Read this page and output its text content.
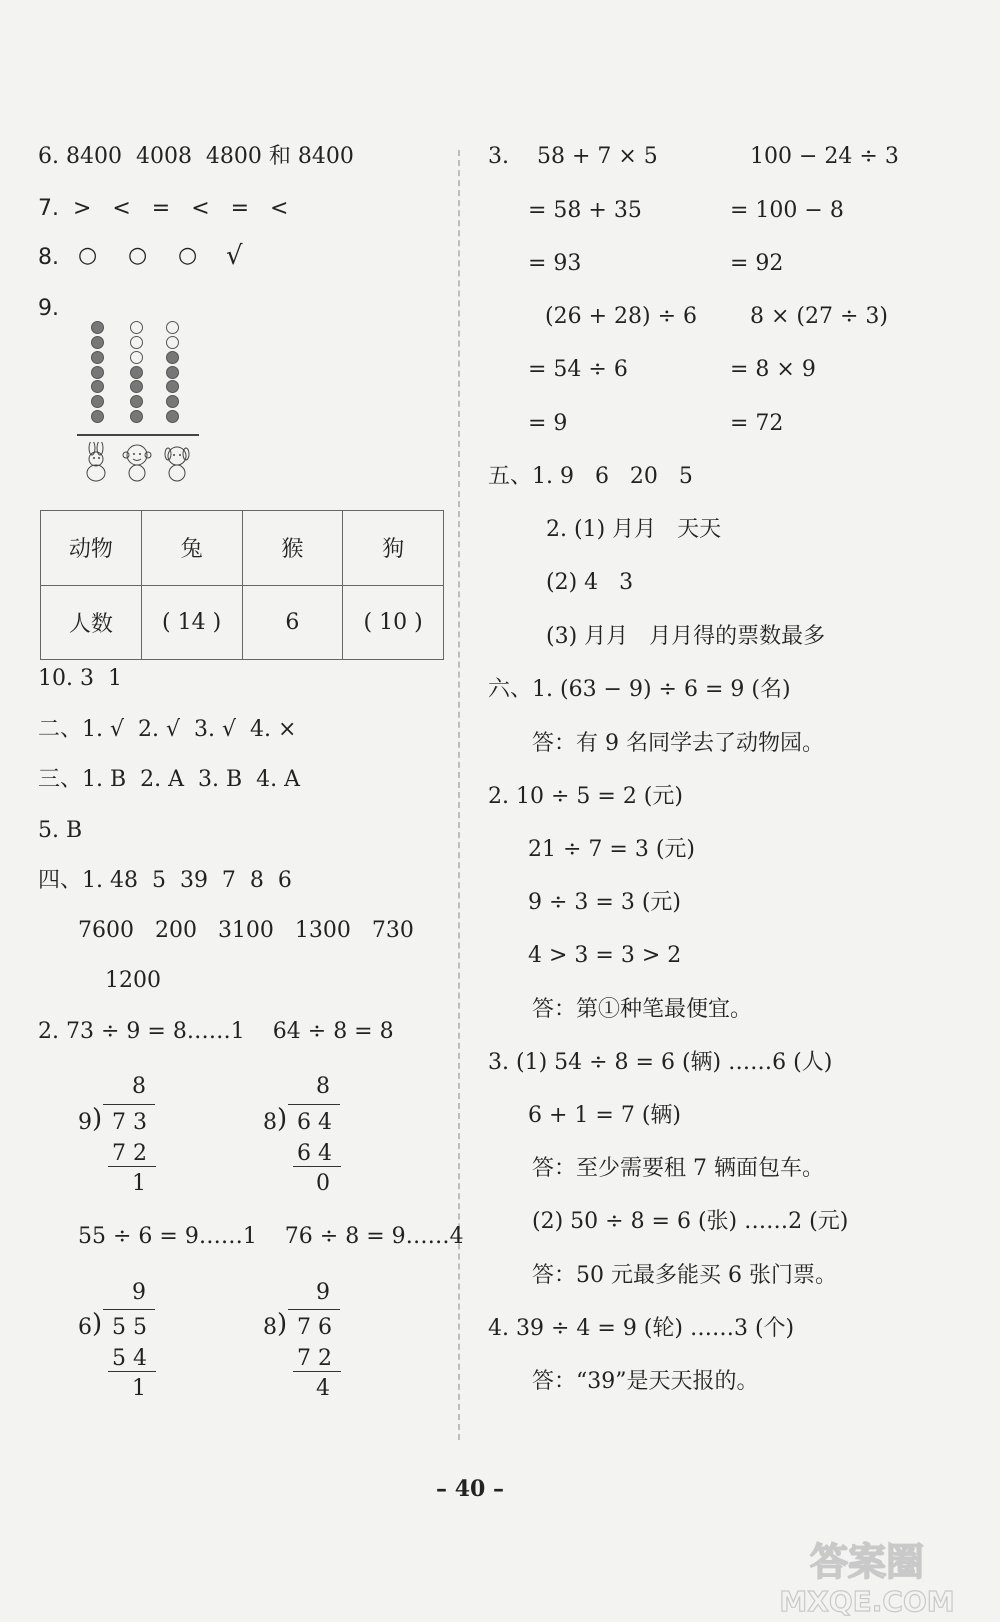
6. 8400  4008  4800 和 8400
7.  >   <   =   <   =   <
8. ○ ○ ○ √
9.
动物	兔	猴	狗
人数	( 14 )	6	( 10 )
10. 3  1
二、1. √  2. √  3. √  4. ×
三、1. B  2. A  3. B  4. A
5. B
四、1. 48  5  39  7  8  6
7600   200   3100   1300   730
1200
2. 73 ÷ 9 = 8……1    64 ÷ 8 = 8
8
9 ) 7 3
7 2
1
8
8 ) 6 4
6 4
0
55 ÷ 6 = 9……1    76 ÷ 8 = 9……4
9
6 ) 5 5
5 4
1
9
8 ) 7 6
7 2
4
3.    58 + 7 × 5	100 − 24 ÷ 3
= 58 + 35	= 100 − 8
= 93	= 92
(26 + 28) ÷ 6 8 × (27 ÷ 3)
= 54 ÷ 6	= 8 × 9
= 9	= 72
五、1. 9   6   20   5
2. (1) 月月   天天
(2) 4   3
(3) 月月   月月得的票数最多
六、1. (63 − 9) ÷ 6 = 9 (名)
答：有 9 名同学去了动物园。
2. 10 ÷ 5 = 2 (元)
21 ÷ 7 = 3 (元)
9 ÷ 3 = 3 (元)
4 > 3 = 3 > 2
答：第①种笔最便宜。
3. (1) 54 ÷ 8 = 6 (辆) ……6 (人)
6 + 1 = 7 (辆)
答：至少需要租 7 辆面包车。
(2) 50 ÷ 8 = 6 (张) ……2 (元)
答：50 元最多能买 6 张门票。
4. 39 ÷ 4 = 9 (轮) ……3 (个)
答：“39”是天天报的。
– 40 –
答案圈
MXQE.COM
